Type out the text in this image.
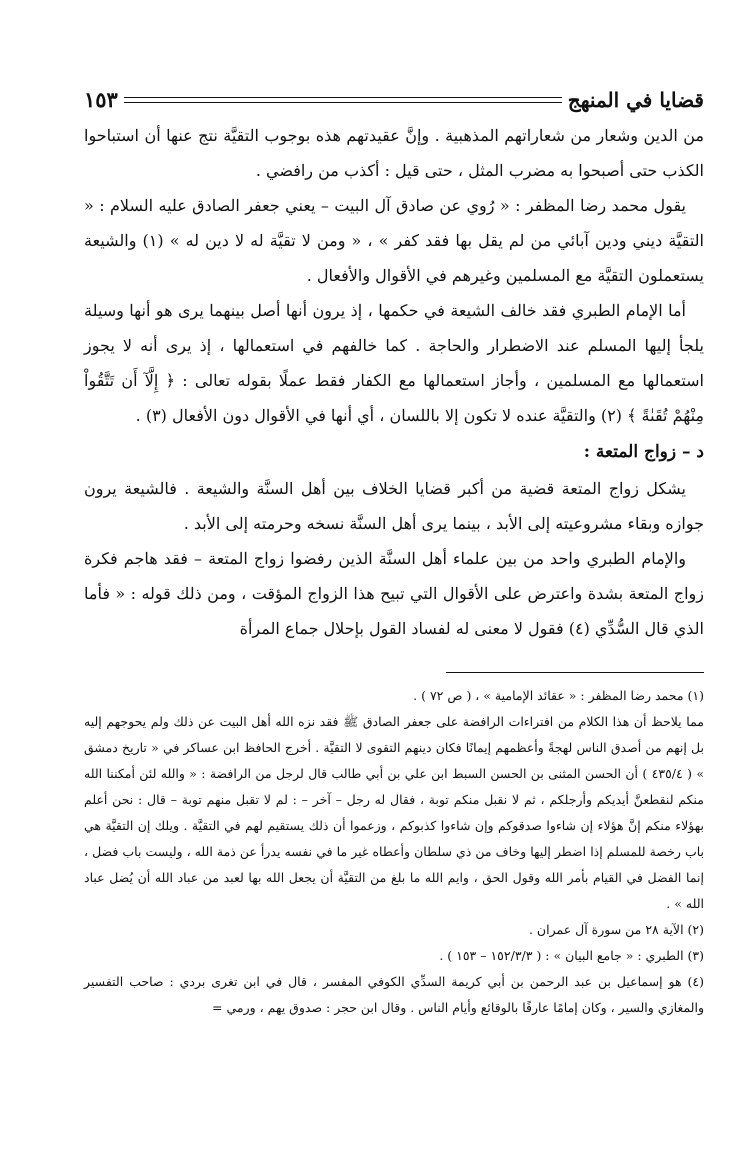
قضايا في المنهج
١٥٣

من الدين وشعار من شعاراتهم المذهبية . وإنَّ عقيدتهم هذه بوجوب التقيَّة نتج عنها أن استباحوا الكذب حتى أصبحوا به مضرب المثل ، حتى قيل : أكذب من رافضي .

يقول محمد رضا المظفر : « رُوي عن صادق آل البيت – يعني جعفر الصادق عليه السلام : « التقيَّة ديني ودين آبائي من لم يقل بها فقد كفر » ، « ومن لا تقيَّة له لا دين له » (١) والشيعة يستعملون التقيَّة مع المسلمين وغيرهم في الأقوال والأفعال .

أما الإمام الطبري فقد خالف الشيعة في حكمها ، إذ يرون أنها أصل بينهما يرى هو أنها وسيلة يلجأ إليها المسلم عند الاضطرار والحاجة . كما خالفهم في استعمالها ، إذ يرى أنه لا يجوز استعمالها مع المسلمين ، وأجاز استعمالها مع الكفار فقط عملًا بقوله تعالى : ﴿ إِلَّآ أَن تَتَّقُواْ مِنْهُمْ تُقَىٰةً ﴾ (٢) والتقيَّة عنده لا تكون إلا باللسان ، أي أنها في الأقوال دون الأفعال (٣) .

د – زواج المتعة :

يشكل زواج المتعة قضية من أكبر قضايا الخلاف بين أهل السنَّة والشيعة . فالشيعة يرون جوازه وبقاء مشروعيته إلى الأبد ، بينما يرى أهل السنَّة نسخه وحرمته إلى الأبد .

والإمام الطبري واحد من بين علماء أهل السنَّة الذين رفضوا زواج المتعة – فقد هاجم فكرة زواج المتعة بشدة واعترض على الأقوال التي تبيح هذا الزواج المؤقت ، ومن ذلك قوله : « فأما الذي قال السُّدِّي (٤) فقول لا معنى له لفساد القول بإحلال جماع المرأة

(١) محمد رضا المظفر : « عقائد الإمامية » ، ( ص ٧٢ ) .

مما يلاحظ أن هذا الكلام من افتراءات الرافضة على جعفر الصادق ﷺ فقد نزه الله أهل البيت عن ذلك ولم يحوجهم إليه بل إنهم من أصدق الناس لهجةً وأعظمهم إيمانًا فكان دينهم التقوى لا التقيَّة . أخرج الحافظ ابن عساكر في « تاريخ دمشق » ( ٤٣٥/٤ ) أن الحسن المثنى بن الحسن السبط ابن علي بن أبي طالب قال لرجل من الرافضة : « والله لئن أمكننا الله منكم لنقطعنَّ أيديكم وأرجلكم ، ثم لا نقبل منكم توبة ، فقال له رجل – آخر – : لم لا تقبل منهم توبة – قال : نحن أعلم بهؤلاء منكم إنَّ هؤلاء إن شاءوا صدقوكم وإن شاءوا كذبوكم ، وزعموا أن ذلك يستقيم لهم في التقيَّة . ويلك إن التقيَّة هي باب رخصة للمسلم إذا اضطر إليها وخاف من ذي سلطان وأعطاه غير ما في نفسه يدرأ عن ذمة الله ، وليست باب فضل ، إنما الفضل في القيام بأمر الله وقول الحق ، وايم الله ما بلغ من التقيَّة أن يجعل الله بها لعبد من عباد الله أن يُضل عباد الله » .

(٢) الآية ٢٨ من سورة آل عمران .

(٣) الطبري : « جامع البيان » : ( ١٥٢/٣/٣ – ١٥٣ ) .

(٤) هو إسماعيل بن عبد الرحمن بن أبي كريمة السدِّي الكوفي المفسر ، قال في ابن تغرى بردي : صاحب التفسير والمغازي والسير ، وكان إمامًا عارفًا بالوقائع وأيام الناس . وقال ابن حجر : صدوق يهم ، ورمي =
